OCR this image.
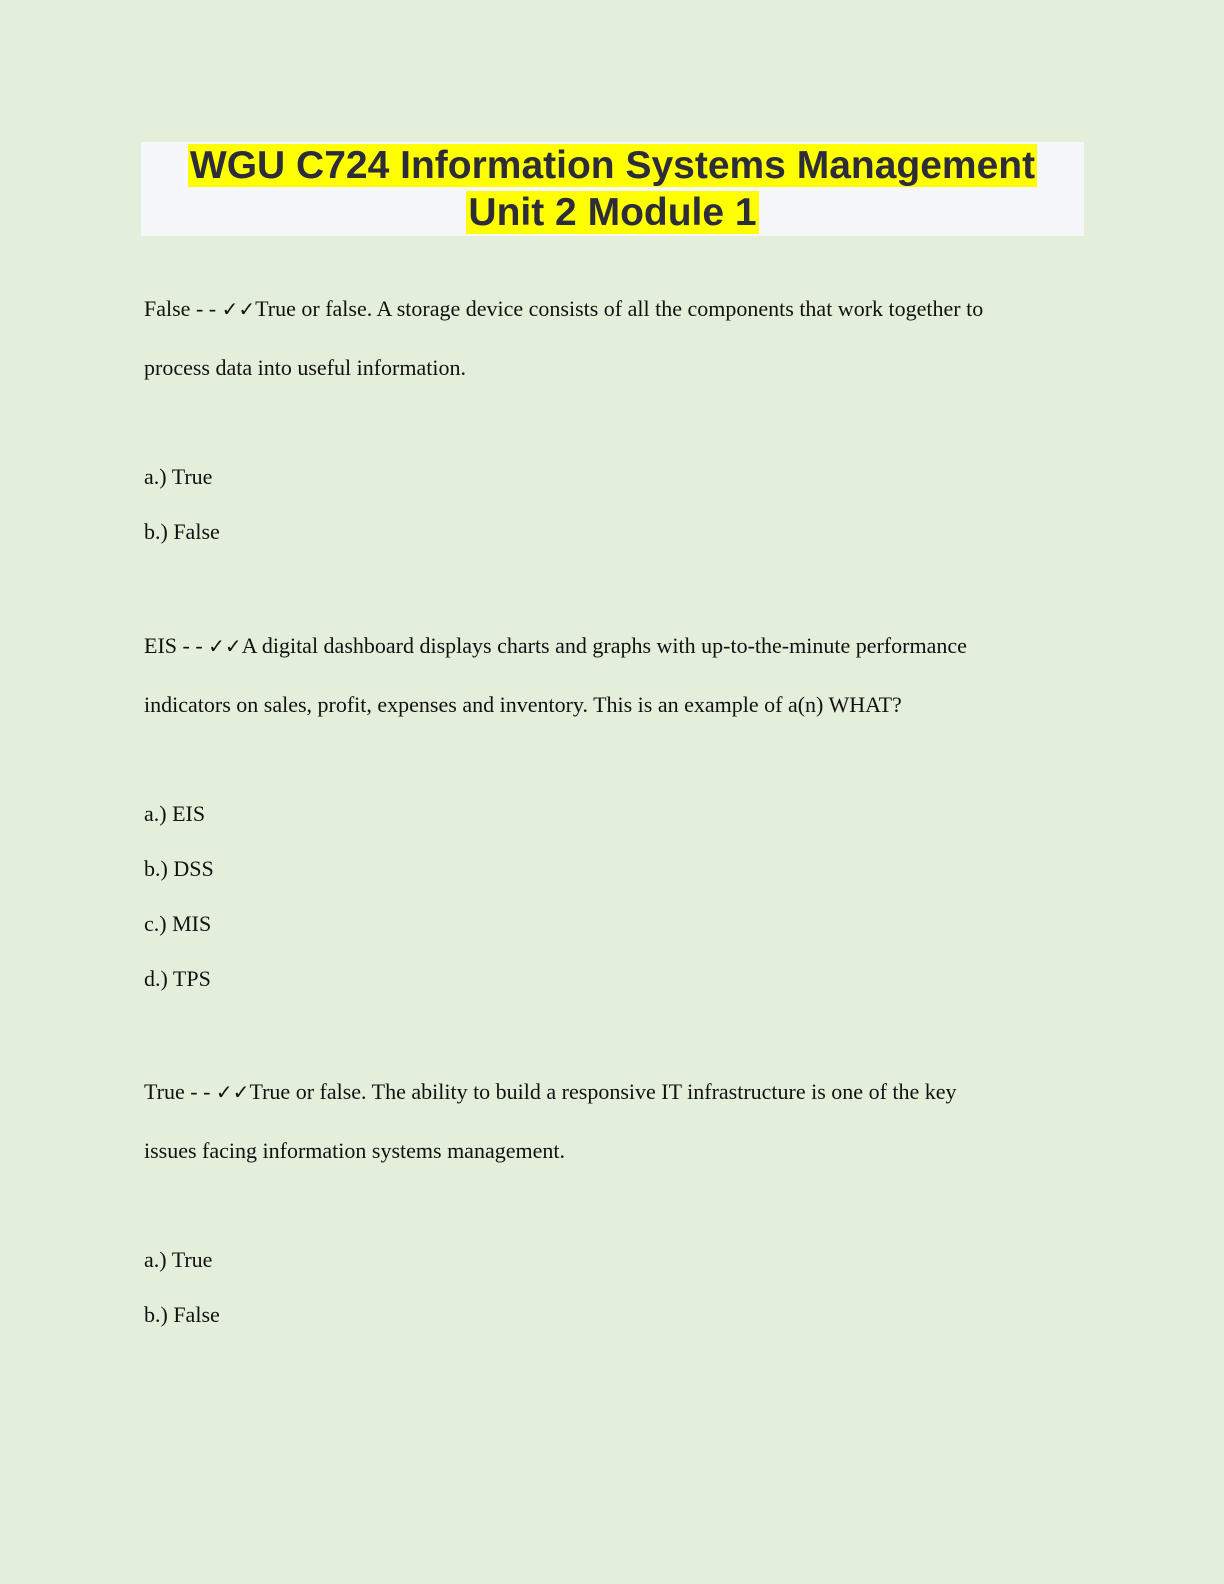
WGU C724 Information Systems Management
Unit 2 Module 1
False - - ✓✓True or false. A storage device consists of all the components that work together to
process data into useful information.
a.) True
b.) False
EIS - - ✓✓A digital dashboard displays charts and graphs with up-to-the-minute performance
indicators on sales, profit, expenses and inventory. This is an example of a(n) WHAT?
a.) EIS
b.) DSS
c.) MIS
d.) TPS
True - - ✓✓True or false. The ability to build a responsive IT infrastructure is one of the key
issues facing information systems management.
a.) True
b.) False
